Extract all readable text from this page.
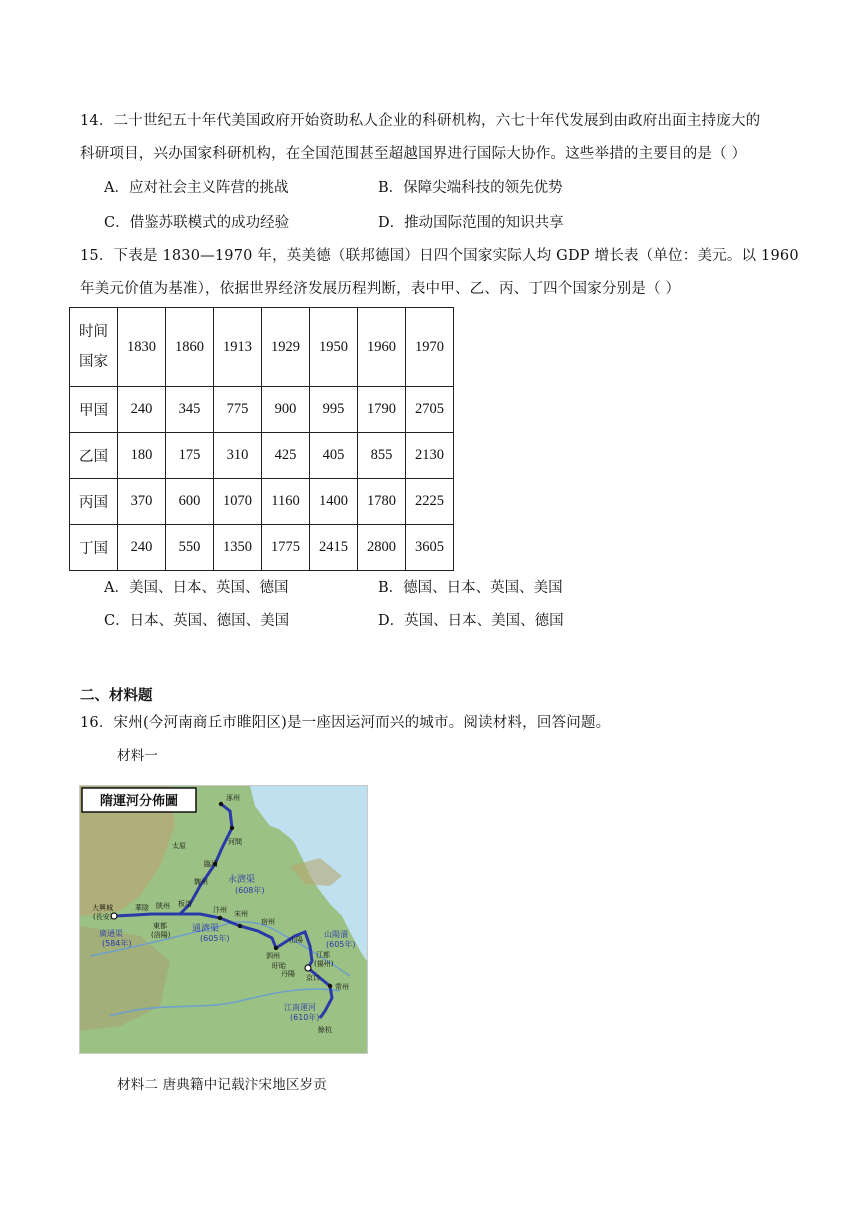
14．二十世纪五十年代美国政府开始资助私人企业的科研机构，六七十年代发展到由政府出面主持庞大的
科研项目，兴办国家科研机构，在全国范围甚至超越国界进行国际大协作。这些举措的主要目的是（ ）
A．应对社会主义阵营的挑战	B．保障尖端科技的领先优势
C．借鉴苏联模式的成功经验	D．推动国际范围的知识共享
15．下表是 1830—1970 年，英美德（联邦德国）日四个国家实际人均 GDP 增长表（单位：美元。以 1960
年美元价值为基准），依据世界经济发展历程判断，表中甲、乙、丙、丁四个国家分别是（ ）
时间
国家	1830	1860	1913	1929	1950	1960	1970
甲国	240	345	775	900	995	1790	2705
乙国	180	175	310	425	405	855	2130
丙国	370	600	1070	1160	1400	1780	2225
丁国	240	550	1350	1775	2415	2800	3605
A．美国、日本、英国、德国	B．德国、日本、英国、美国
C．日本、英国、德国、美国	D．英国、日本、美国、德国
二、材料题
16．宋州(今河南商丘市睢阳区)是一座因运河而兴的城市。阅读材料，回答问题。
材料一
隋運河分佈圖	涿州
河間
太原
臨清
魏州 永濟渠
(608年)
大興城
(長安)
陝州
華陰
東都
(洛陽)
板渚
汴州 宋州
宿州
通濟渠
(605年)
廣通渠
(584年)
泗州
盱眙
山陽
山陽瀆
(605年)
江都
(揚州)
丹陽 京口
常州
江南運河
(610年)
餘杭
材料二 唐典籍中记载汴宋地区岁贡
